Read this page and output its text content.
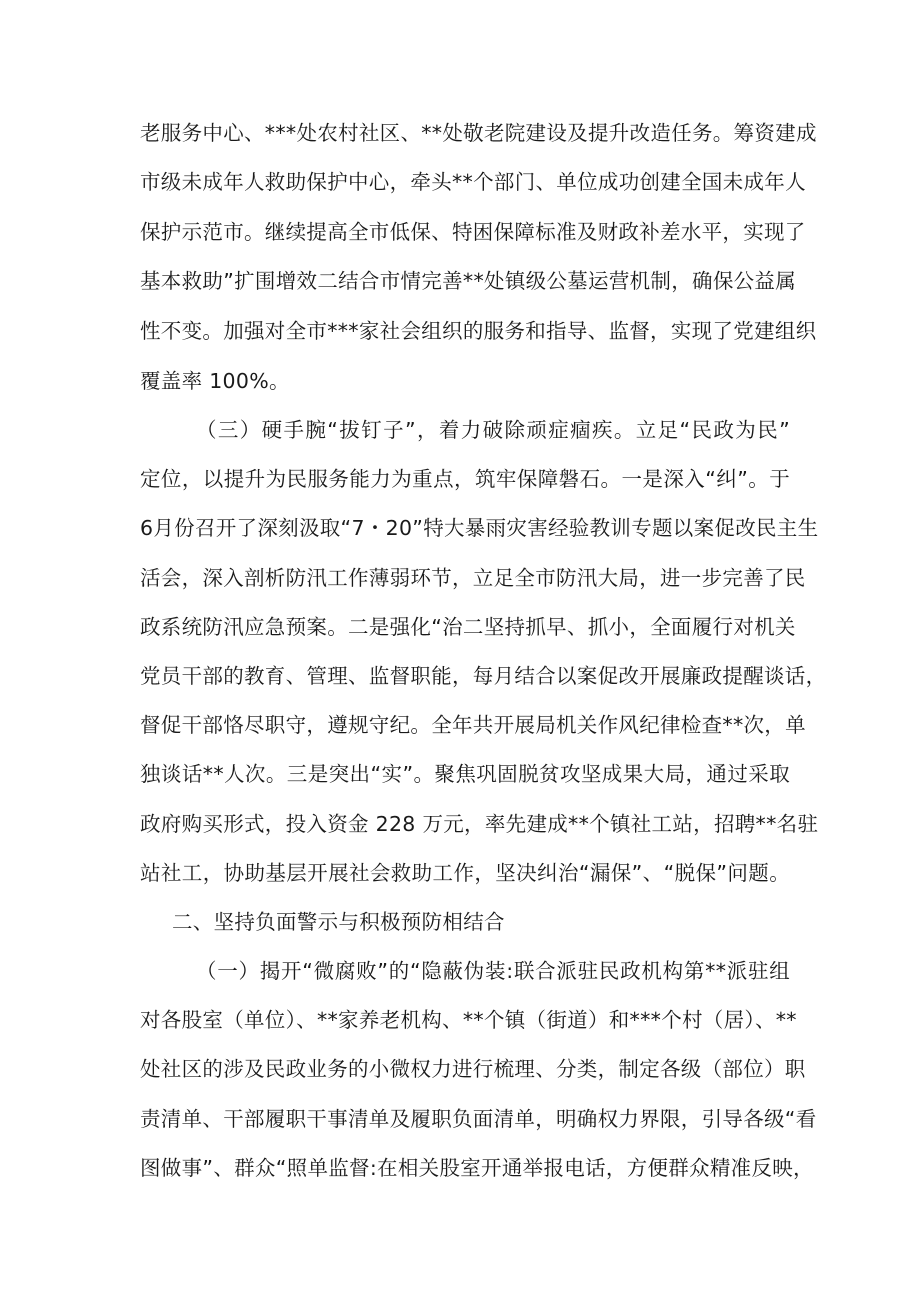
老服务中心、***处农村社区、**处敬老院建设及提升改造任务。筹资建成
市级未成年人救助保护中心，牵头**个部门、单位成功创建全国未成年人
保护示范市。继续提高全市低保、特困保障标准及财政补差水平，实现了
基本救助”扩围增效二结合市情完善**处镇级公墓运营机制，确保公益属
性不变。加强对全市***家社会组织的服务和指导、监督，实现了党建组织
覆盖率 100%。
（三）硬手腕“拔钉子”，着力破除顽症痼疾。立足“民政为民”
定位，以提升为民服务能力为重点，筑牢保障磐石。一是深入“纠”。于
6月份召开了深刻汲取“7・20”特大暴雨灾害经验教训专题以案促改民主生
活会，深入剖析防汛工作薄弱环节，立足全市防汛大局，进一步完善了民
政系统防汛应急预案。二是强化“治二坚持抓早、抓小，全面履行对机关
党员干部的教育、管理、监督职能，每月结合以案促改开展廉政提醒谈话，
督促干部恪尽职守，遵规守纪。全年共开展局机关作风纪律检查**次，单
独谈话**人次。三是突出“实”。聚焦巩固脱贫攻坚成果大局，通过采取
政府购买形式，投入资金 228 万元，率先建成**个镇社工站，招聘**名驻
站社工，协助基层开展社会救助工作，坚决纠治“漏保”、“脱保”问题。
二、坚持负面警示与积极预防相结合
（一）揭开“微腐败”的“隐蔽伪装:联合派驻民政机构第**派驻组
对各股室（单位）、**家养老机构、**个镇（街道）和***个村（居）、**
处社区的涉及民政业务的小微权力进行梳理、分类，制定各级（部位）职
责清单、干部履职干事清单及履职负面清单，明确权力界限，引导各级“看
图做事”、群众“照单监督:在相关股室开通举报电话，方便群众精准反映，
